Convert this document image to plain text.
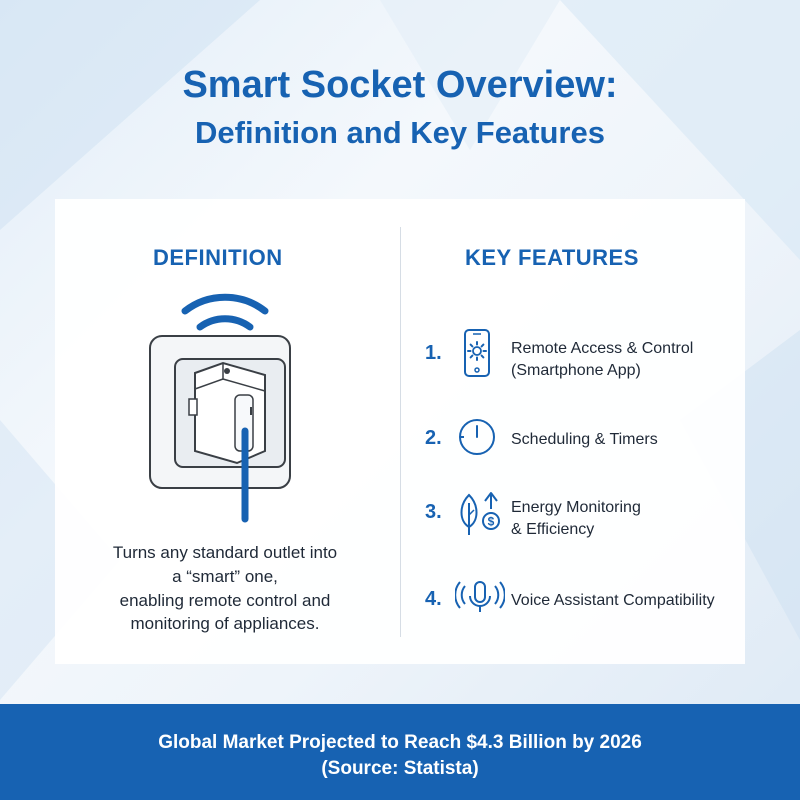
Smart Socket Overview:
Definition and Key Features
DEFINITION
Turns any standard outlet into
a “smart” one,
enabling remote control and
monitoring of appliances.
KEY FEATURES
1.	Remote Access & Control
(Smartphone App)
2.	Scheduling & Timers
3.	$
Energy Monitoring
& Efficiency
4.	Voice Assistant Compatibility
Global Market Projected to Reach $4.3 Billion by 2026
(Source: Statista)
